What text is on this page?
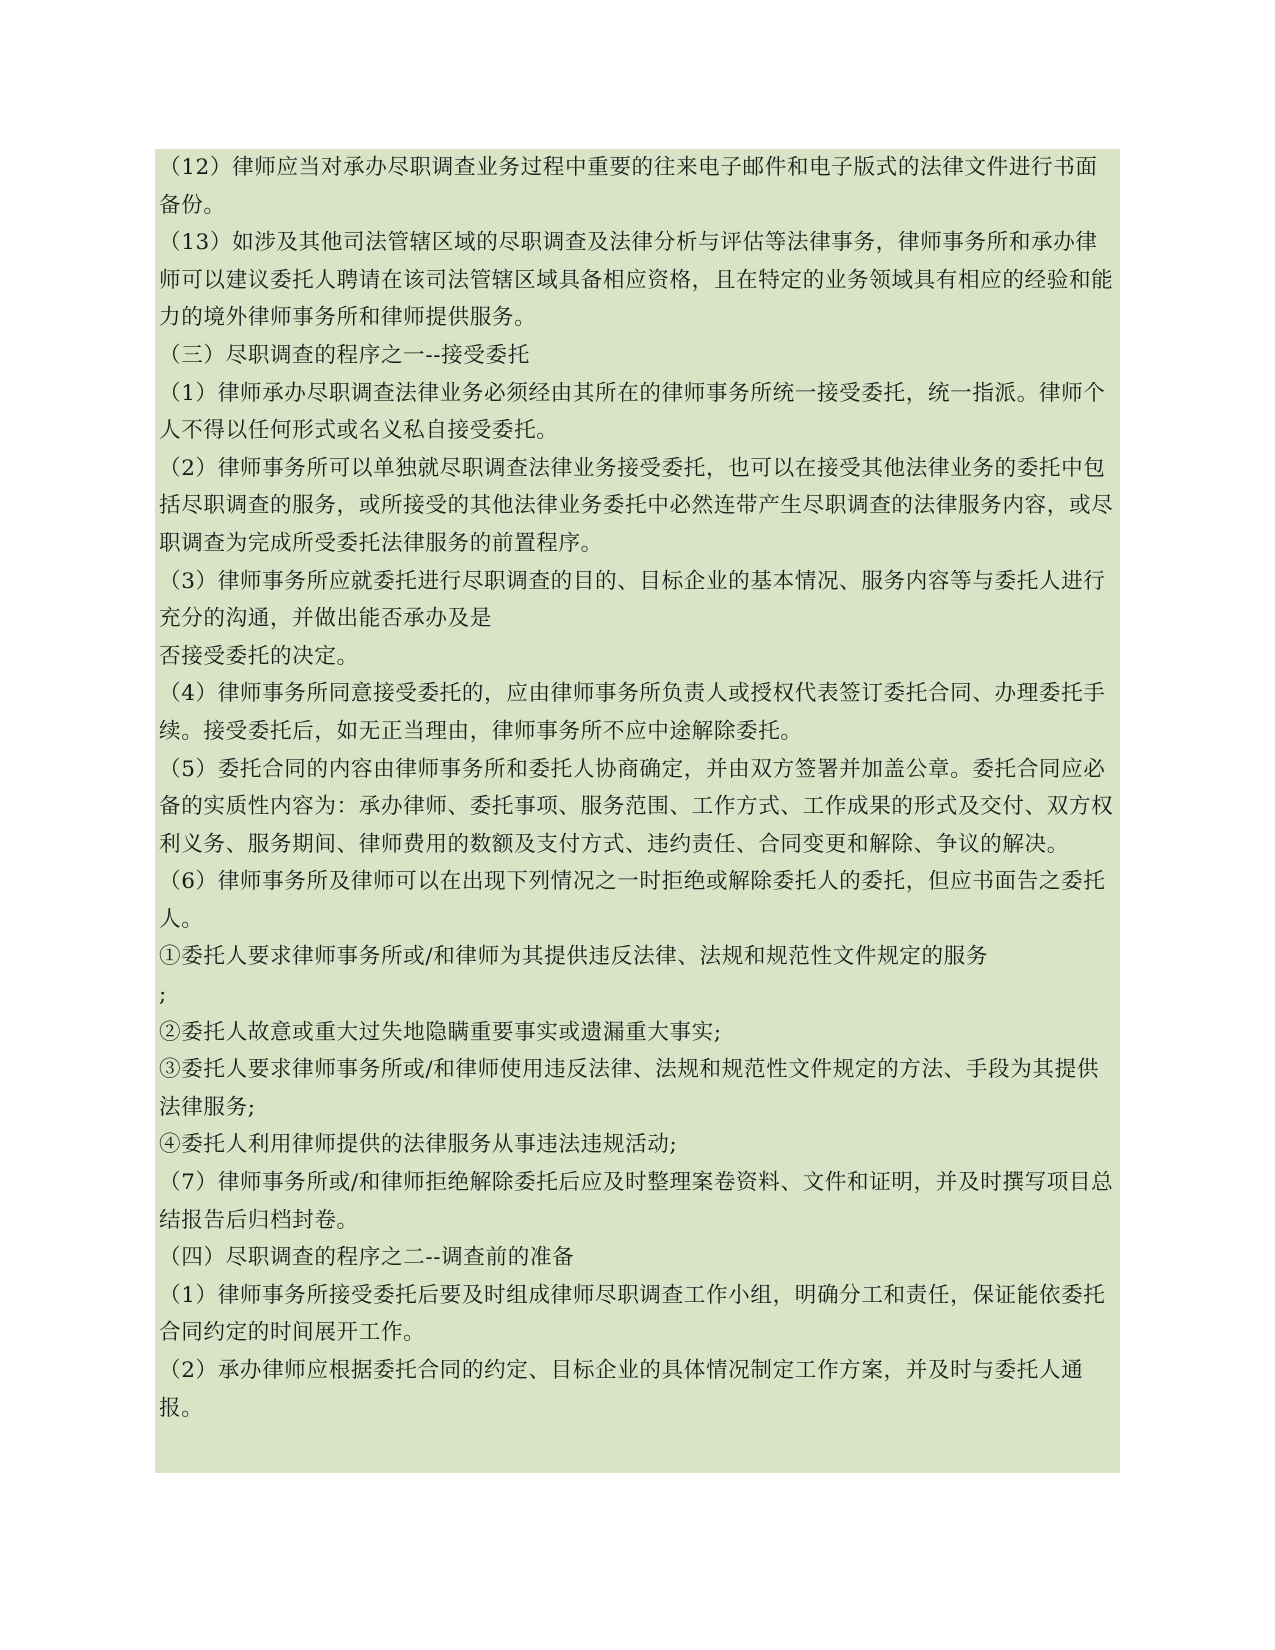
（12）律师应当对承办尽职调查业务过程中重要的往来电子邮件和电子版式的法律文件进行书面备份。

（13）如涉及其他司法管辖区域的尽职调查及法律分析与评估等法律事务，律师事务所和承办律师可以建议委托人聘请在该司法管辖区域具备相应资格，且在特定的业务领域具有相应的经验和能力的境外律师事务所和律师提供服务。

（三）尽职调查的程序之一--接受委托

（1）律师承办尽职调查法律业务必须经由其所在的律师事务所统一接受委托，统一指派。律师个人不得以任何形式或名义私自接受委托。

（2）律师事务所可以单独就尽职调查法律业务接受委托，也可以在接受其他法律业务的委托中包括尽职调查的服务，或所接受的其他法律业务委托中必然连带产生尽职调查的法律服务内容，或尽职调查为完成所受委托法律服务的前置程序。

（3）律师事务所应就委托进行尽职调查的目的、目标企业的基本情况、服务内容等与委托人进行充分的沟通，并做出能否承办及是

否接受委托的决定。

（4）律师事务所同意接受委托的，应由律师事务所负责人或授权代表签订委托合同、办理委托手续。接受委托后，如无正当理由，律师事务所不应中途解除委托。

（5）委托合同的内容由律师事务所和委托人协商确定，并由双方签署并加盖公章。委托合同应必备的实质性内容为：承办律师、委托事项、服务范围、工作方式、工作成果的形式及交付、双方权利义务、服务期间、律师费用的数额及支付方式、违约责任、合同变更和解除、争议的解决。

（6）律师事务所及律师可以在出现下列情况之一时拒绝或解除委托人的委托，但应书面告之委托人。

①委托人要求律师事务所或/和律师为其提供违反法律、法规和规范性文件规定的服务

;

②委托人故意或重大过失地隐瞒重要事实或遗漏重大事实;

③委托人要求律师事务所或/和律师使用违反法律、法规和规范性文件规定的方法、手段为其提供法律服务;

④委托人利用律师提供的法律服务从事违法违规活动;

（7）律师事务所或/和律师拒绝解除委托后应及时整理案卷资料、文件和证明，并及时撰写项目总结报告后归档封卷。

（四）尽职调查的程序之二--调查前的准备

（1）律师事务所接受委托后要及时组成律师尽职调查工作小组，明确分工和责任，保证能依委托合同约定的时间展开工作。

（2）承办律师应根据委托合同的约定、目标企业的具体情况制定工作方案，并及时与委托人通报。
